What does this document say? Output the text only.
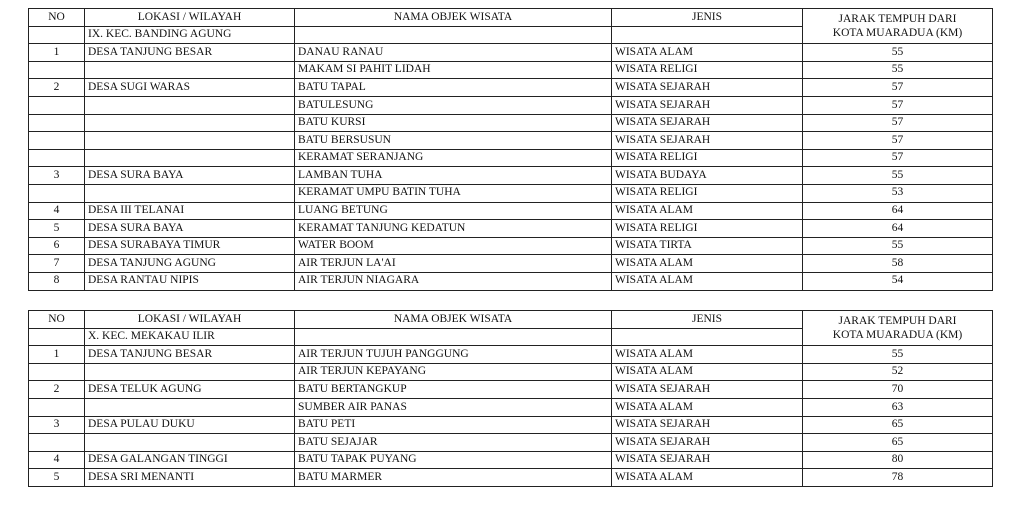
NO	LOKASI / WILAYAH	NAMA OBJEK WISATA	JENIS	JARAK TEMPUH DARI
KOTA MUARADUA (KM)

	IX. KEC. BANDING AGUNG			
1	DESA TANJUNG BESAR	DANAU RANAU	WISATA ALAM	55
		MAKAM SI PAHIT LIDAH	WISATA RELIGI	55
2	DESA SUGI WARAS	BATU TAPAL	WISATA SEJARAH	57
		BATULESUNG	WISATA SEJARAH	57
		BATU KURSI	WISATA SEJARAH	57
		BATU BERSUSUN	WISATA SEJARAH	57
		KERAMAT SERANJANG	WISATA RELIGI	57
3	DESA SURA BAYA	LAMBAN TUHA	WISATA BUDAYA	55
		KERAMAT UMPU BATIN TUHA	WISATA RELIGI	53
4	DESA III TELANAI	LUANG BETUNG	WISATA ALAM	64
5	DESA SURA BAYA	KERAMAT TANJUNG KEDATUN	WISATA RELIGI	64
6	DESA SURABAYA TIMUR	WATER BOOM	WISATA TIRTA	55
7	DESA TANJUNG AGUNG	AIR TERJUN LA'AI	WISATA ALAM	58
8	DESA RANTAU NIPIS	AIR TERJUN NIAGARA	WISATA ALAM	54
NO	LOKASI / WILAYAH	NAMA OBJEK WISATA	JENIS	JARAK TEMPUH DARI
KOTA MUARADUA (KM)

	X. KEC. MEKAKAU ILIR			
1	DESA TANJUNG BESAR	AIR TERJUN TUJUH PANGGUNG	WISATA ALAM	55
		AIR TERJUN KEPAYANG	WISATA ALAM	52
2	DESA TELUK AGUNG	BATU BERTANGKUP	WISATA SEJARAH	70
		SUMBER AIR PANAS	WISATA ALAM	63
3	DESA PULAU DUKU	BATU PETI	WISATA SEJARAH	65
		BATU SEJAJAR	WISATA SEJARAH	65
4	DESA GALANGAN TINGGI	BATU TAPAK PUYANG	WISATA SEJARAH	80
5	DESA SRI MENANTI	BATU MARMER	WISATA ALAM	78
